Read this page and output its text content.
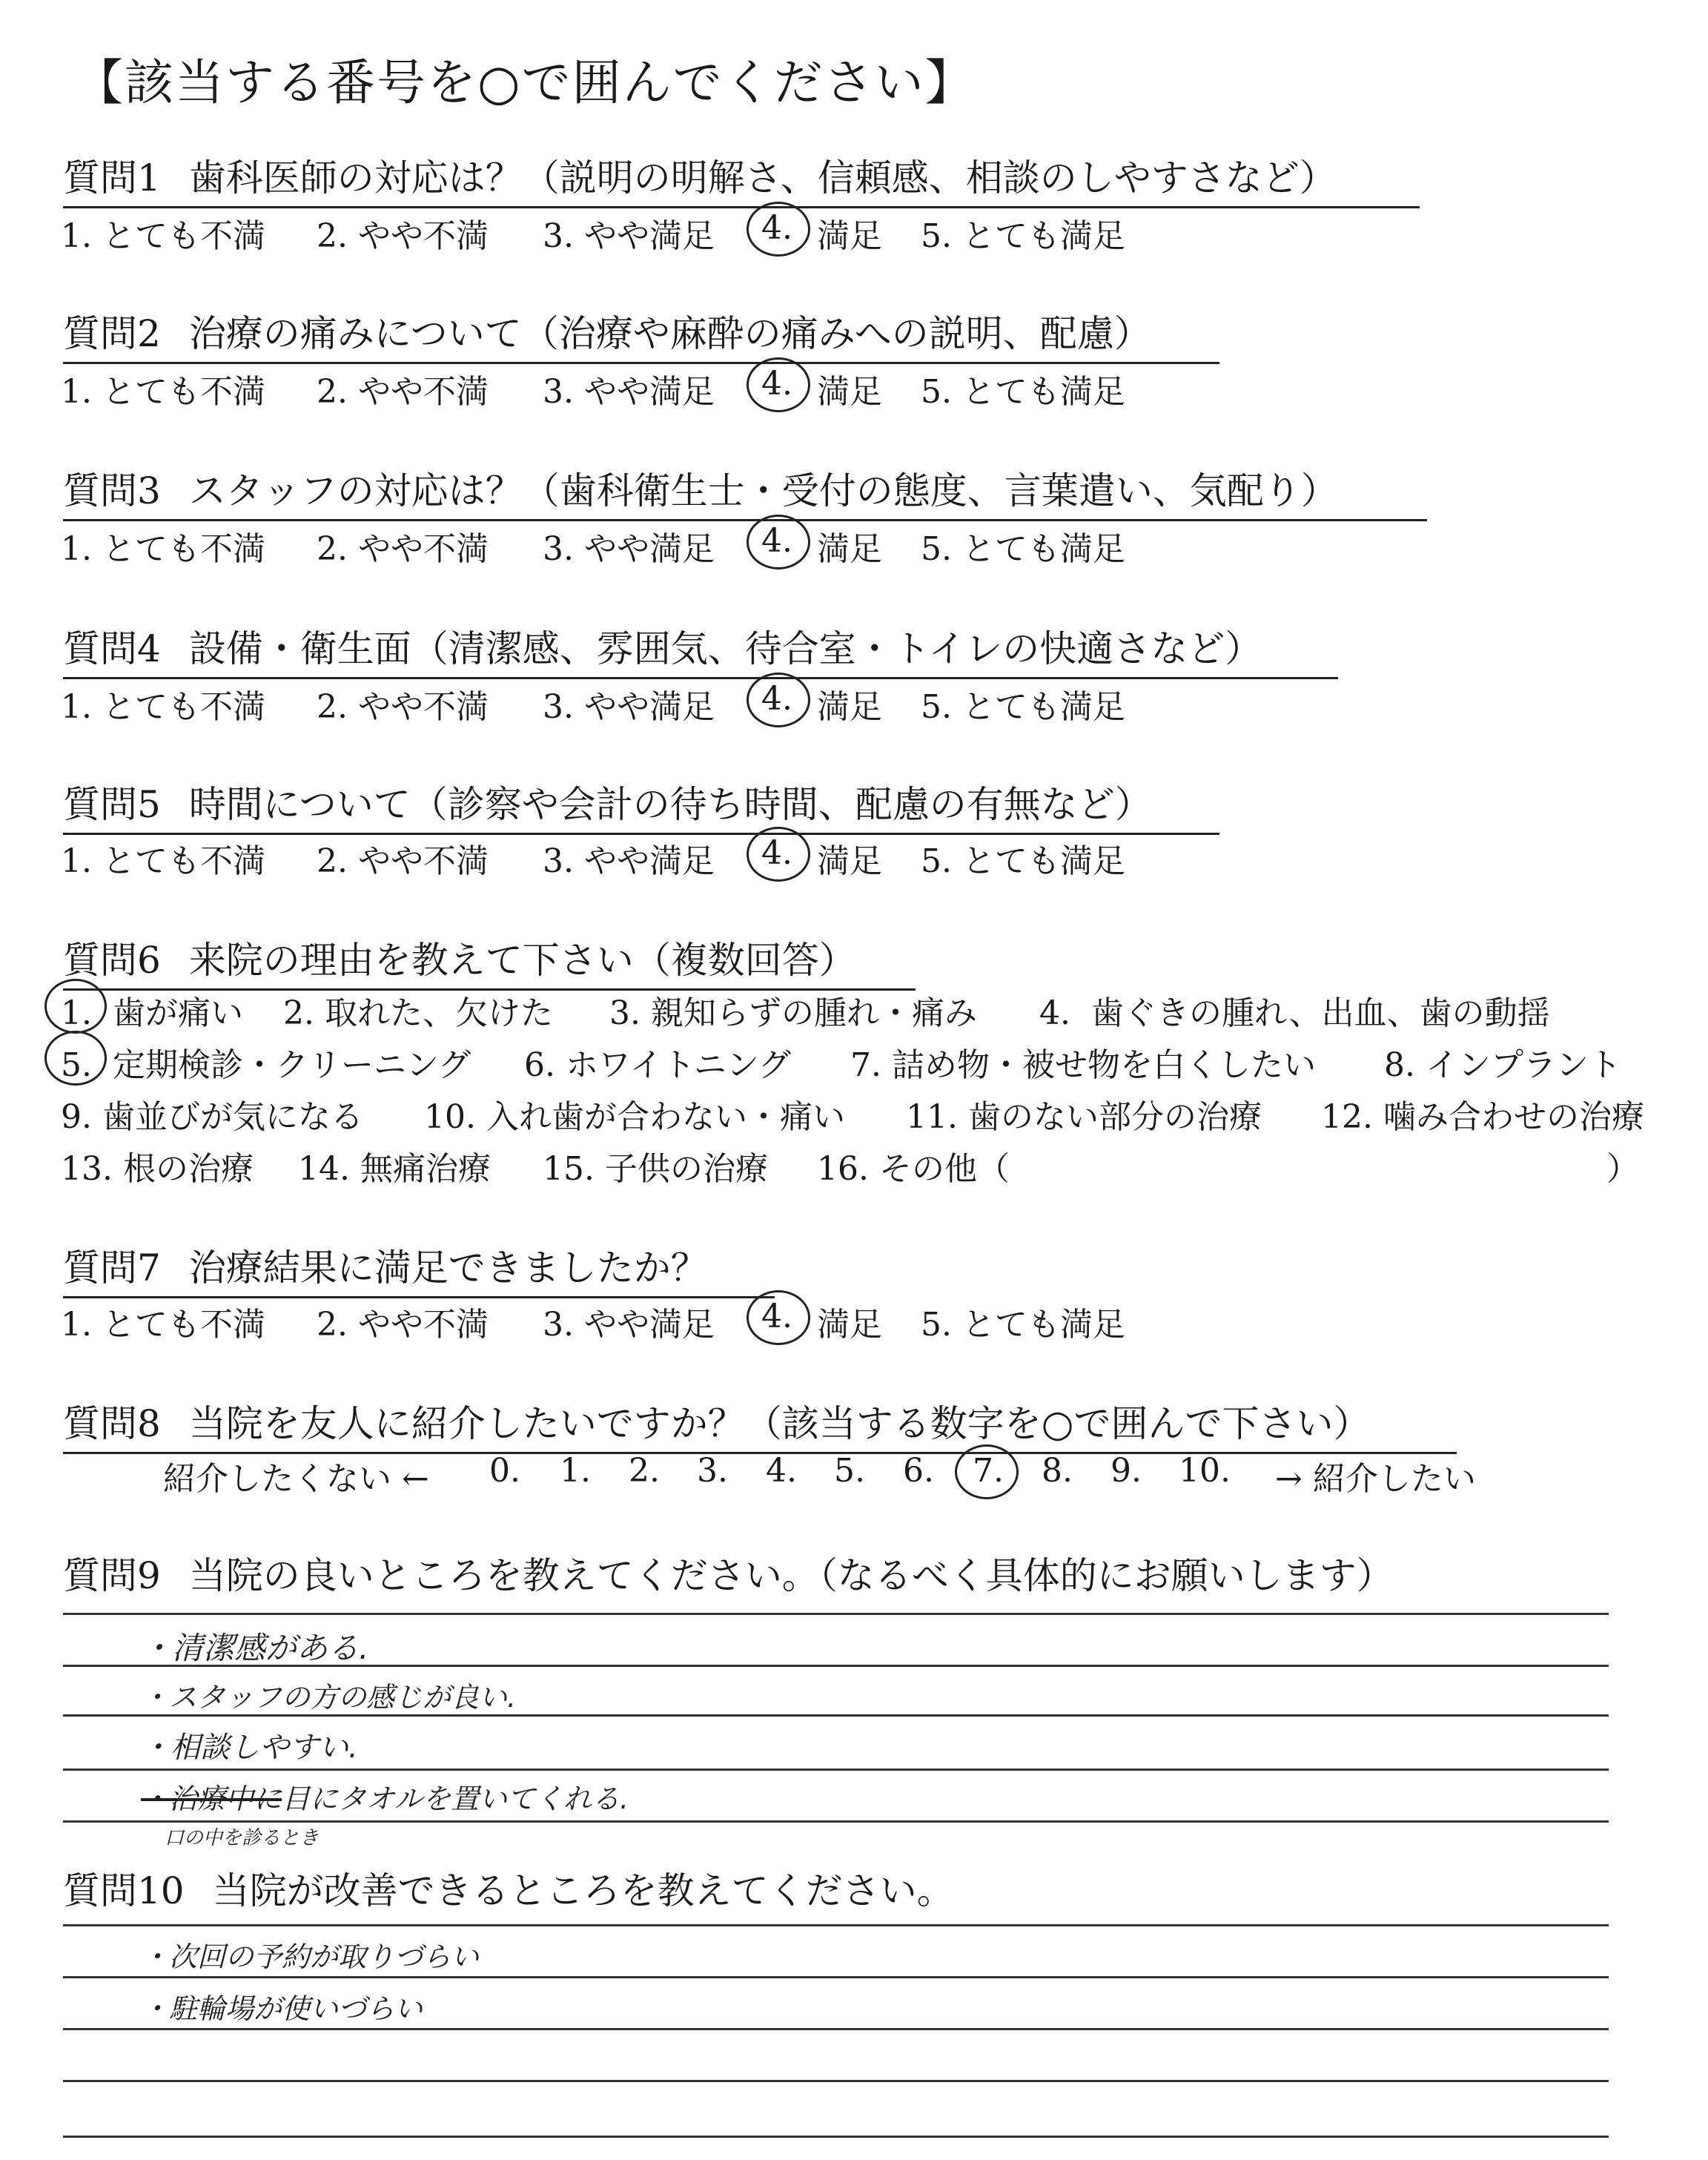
【該当する番号を○で囲んでください】
質問1 歯科医師の対応は？（説明の明解さ、信頼感、相談のしやすさなど）
1. とても不満 2. やや不満 3. やや満足 4. 満足 5. とても満足
質問2 治療の痛みについて（治療や麻酔の痛みへの説明、配慮）
1. とても不満 2. やや不満 3. やや満足 4. 満足 5. とても満足
質問3 スタッフの対応は？（歯科衛生士・受付の態度、言葉遣い、気配り）
1. とても不満 2. やや不満 3. やや満足 4. 満足 5. とても満足
質問4 設備・衛生面（清潔感、雰囲気、待合室・トイレの快適さなど）
1. とても不満 2. やや不満 3. やや満足 4. 満足 5. とても満足
質問5 時間について（診察や会計の待ち時間、配慮の有無など）
1. とても不満 2. やや不満 3. やや満足 4. 満足 5. とても満足
質問6 来院の理由を教えて下さい（複数回答）
1. 歯が痛い 2. 取れた、欠けた 3. 親知らずの腫れ・痛み 4. 歯ぐきの腫れ、出血、歯の動揺
5. 定期検診・クリーニング 6. ホワイトニング 7. 詰め物・被せ物を白くしたい 8. インプラント
9. 歯並びが気になる 10. 入れ歯が合わない・痛い 11. 歯のない部分の治療 12. 噛み合わせの治療
13. 根の治療 14. 無痛治療 15. 子供の治療 16. その他（	）
質問7 治療結果に満足できましたか？
1. とても不満 2. やや不満 3. やや満足 4. 満足 5. とても満足
質問8 当院を友人に紹介したいですか？（該当する数字を○で囲んで下さい）
紹介したくない ← 0. 1. 2. 3. 4. 5. 6. 7. 8. 9. 10. → 紹介したい
質問9 当院の良いところを教えてください。（なるべく具体的にお願いします）
・清潔感がある.
・スタッフの方の感じが良い.
・相談しやすい.
・治療中に目にタオルを置いてくれる.
口の中を診るとき
質問10 当院が改善できるところを教えてください。
・次回の予約が取りづらい
・駐輪場が使いづらい
